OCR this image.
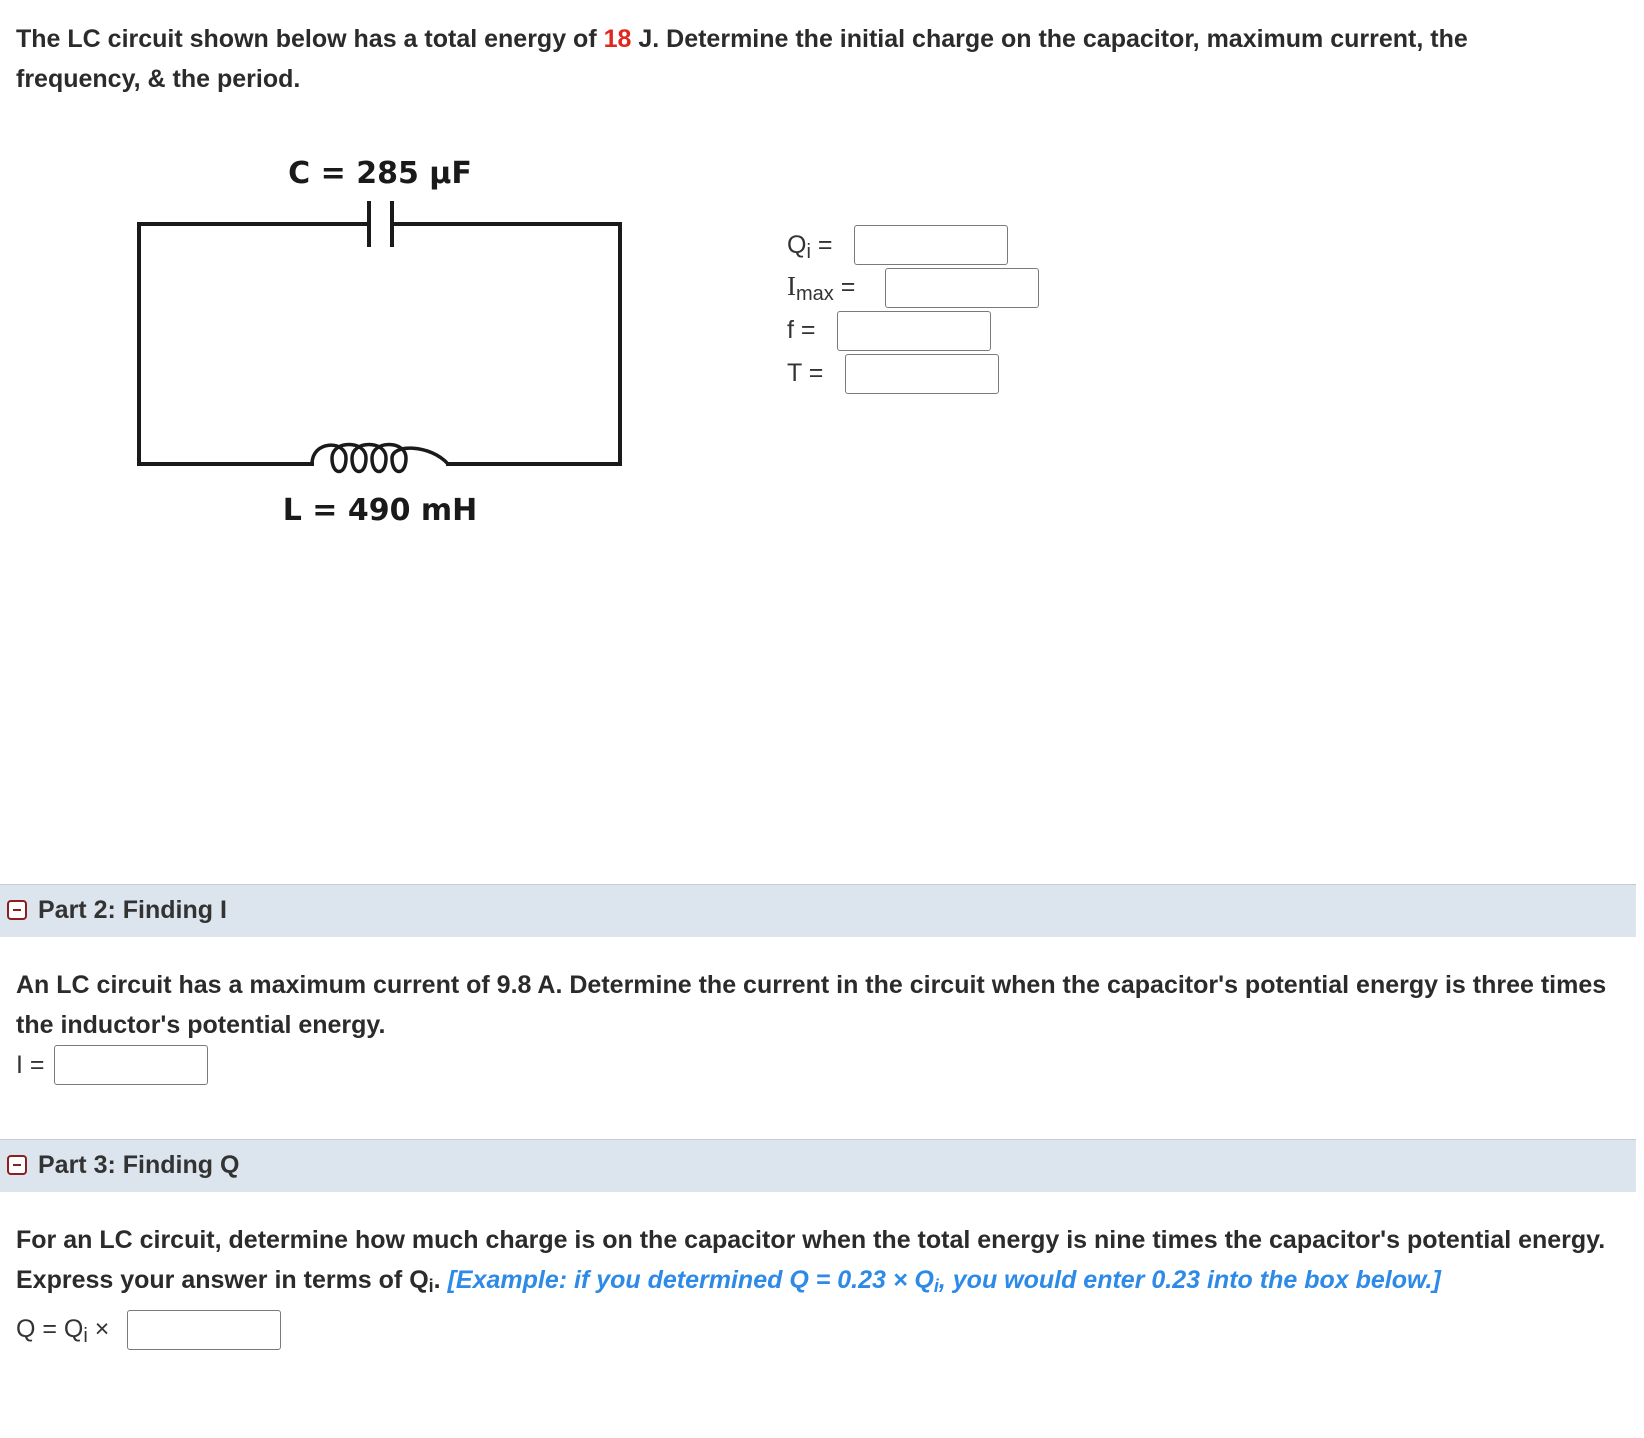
The LC circuit shown below has a total energy of 18 J. Determine the initial charge on the capacitor, maximum current, the frequency, & the period.
C = 285 μF
L = 490 mH
$Q_i$ =
$I_{max}$ =
f =
T =
Part 2: Finding I
An LC circuit has a maximum current of 9.8 A. Determine the current in the circuit when the capacitor's potential energy is three times the inductor's potential energy.
I =
Part 3: Finding Q
For an LC circuit, determine how much charge is on the capacitor when the total energy is nine times the capacitor's potential energy. Express your answer in terms of $Q_i$. [Example: if you determined $Q = 0.23 \times Q_i$, you would enter 0.23 into the box below.]
$Q = Q_i$ ×
